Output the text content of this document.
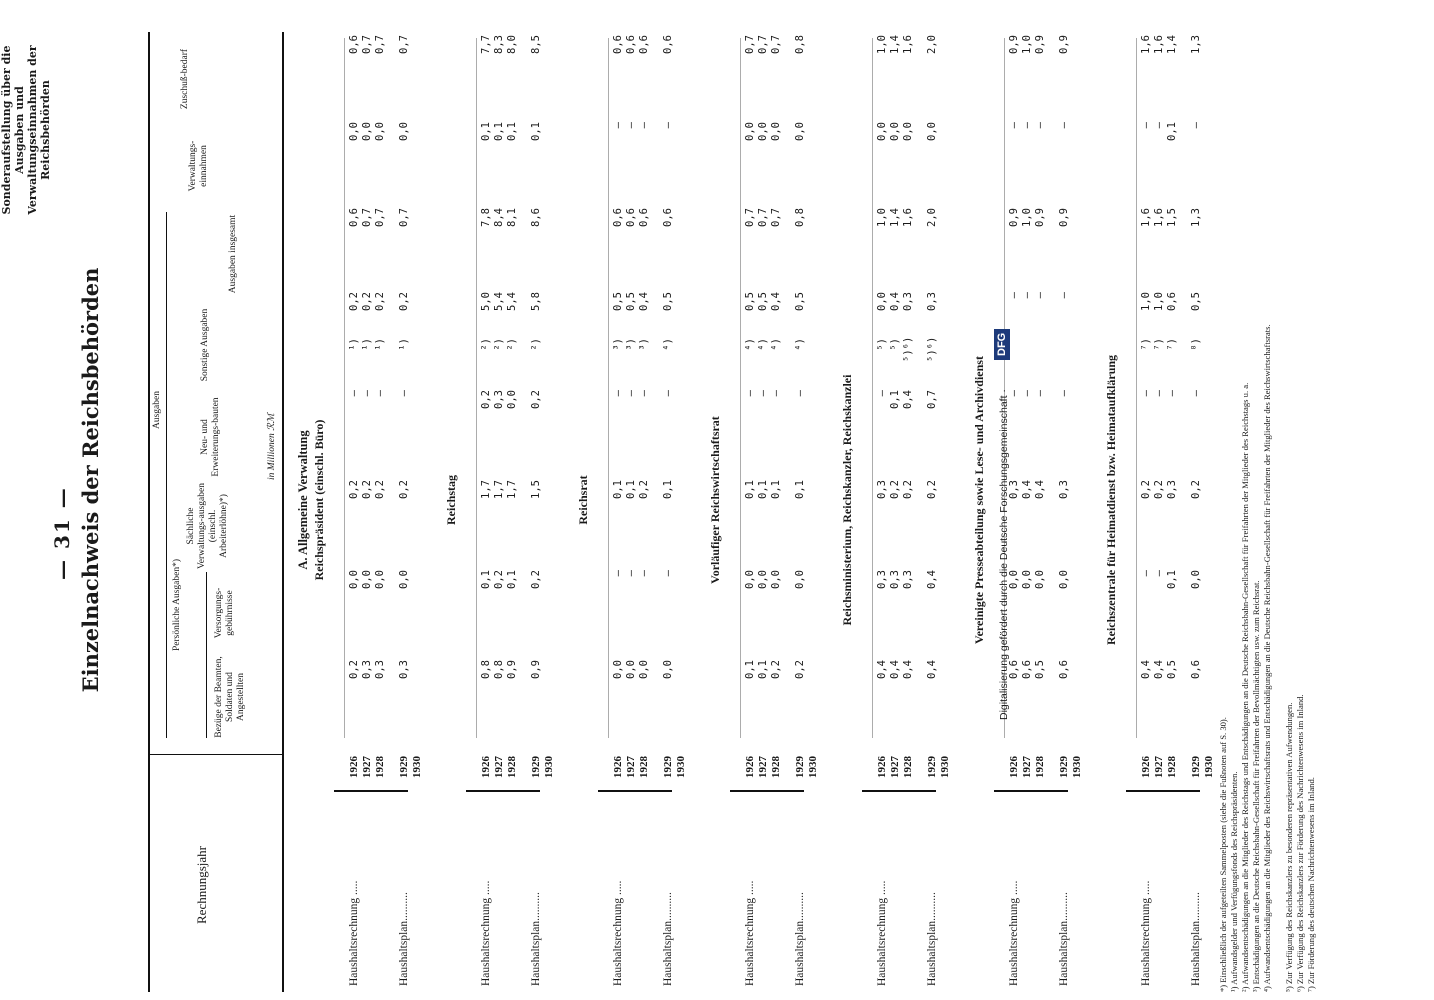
— 31 — Einzelnachweis der Reichsbehörden
Sonderaufstellung über die Ausgaben und Verwaltungseinnahmen der Reichsbehörden
Rechnungsjahr
Ausgaben
Persönliche Ausgaben*)
Bezüge der Beamten, Soldaten und Angestellten
Versorgungs-gebührnisse
Sächliche Verwaltungs-ausgaben (einschl. Arbeiterlöhne)*)
Neu- und Erweiterungs-bauten
Sonstige Ausgaben
Ausgaben insgesamt
Verwaltungs-einnahmen
Zuschuß-bedarf
in Millionen ℛℳ A. Allgemeine Verwaltung Reichspräsident (einschl. Büro)
Haushaltsrechnung .....
1926
0,2
0,0
0,2
—
¹)
0,2
0,6
0,0
0,6
1927
0,3
0,0
0,2
—
¹)
0,2
0,7
0,0
0,7
1928
0,3
0,0
0,2
—
¹)
0,2
0,7
0,0
0,7
Haushaltsplan..........
1929
0,3
0,0
0,2
—
¹)
0,2
0,7
0,0
0,7
1930
Reichstag
Haushaltsrechnung .....
1926
0,8
0,1
1,7
0,2
²)
5,0
7,8
0,1
7,7
1927
0,8
0,2
1,7
0,3
²)
5,4
8,4
0,1
8,3
1928
0,9
0,1
1,7
0,0
²)
5,4
8,1
0,1
8,0
Haushaltsplan..........
1929
0,9
0,2
1,5
0,2
²)
5,8
8,6
0,1
8,5
1930
Reichsrat
Haushaltsrechnung .....
1926
0,0
—
0,1
—
³)
0,5
0,6
—
0,6
1927
0,0
—
0,1
—
³)
0,5
0,6
—
0,6
1928
0,0
—
0,2
—
³)
0,4
0,6
—
0,6
Haushaltsplan..........
1929
0,0
—
0,1
—
⁴)
0,5
0,6
—
0,6
1930
Vorläufiger Reichswirtschaftsrat
Haushaltsrechnung .....
1926
0,1
0,0
0,1
—
⁴)
0,5
0,7
0,0
0,7
1927
0,1
0,0
0,1
—
⁴)
0,5
0,7
0,0
0,7
1928
0,2
0,0
0,1
—
⁴)
0,4
0,7
0,0
0,7
Haushaltsplan..........
1929
0,2
0,0
0,1
—
⁴)
0,5
0,8
0,0
0,8
1930
Reichsministerium, Reichskanzler, Reichskanzlei
Haushaltsrechnung .....
1926
0,4
0,3
0,3
—
⁵)
0,0
1,0
0,0
1,0
1927
0,4
0,3
0,2
0,1
⁵)
0,4
1,4
0,0
1,4
1928
0,4
0,3
0,2
0,4
⁵)⁶)
0,3
1,6
0,0
1,6
Haushaltsplan..........
1929
0,4
0,4
0,2
0,7
⁵)⁶)
0,3
2,0
0,0
2,0
1930
Vereinigte Presseabteilung sowie Lese- und Archivdienst
Haushaltsrechnung .....
1926
0,6
0,0
0,3
—
—
0,9
—
0,9
1927
0,6
0,0
0,4
—
—
1,0
—
1,0
1928
0,5
0,0
0,4
—
—
0,9
—
0,9
Haushaltsplan..........
1929
0,6
0,0
0,3
—
—
0,9
—
0,9
1930
Reichszentrale für Heimatdienst bzw. Heimataufklärung
Haushaltsrechnung .....
1926
0,4
—
0,2
—
⁷)
1,0
1,6
—
1,6
1927
0,4
—
0,2
—
⁷)
1,0
1,6
—
1,6
1928
0,5
0,1
0,3
—
⁷)
0,6
1,5
0,1
1,4
Haushaltsplan..........
1929
0,6
0,0
0,2
—
⁸)
0,5
1,3
—
1,3
1930 *) Einschließlich der aufgeteilten Sammelposten (siehe die Fußnoten auf S. 30). ¹) Aufwandsgelder und Verfügungsfonds des Reichspräsidenten. ²) Aufwandsentschädigungen an die Mitglieder des Reichstags und Entschädigungen an die Deutsche Reichsbahn-Gesellschaft für Freifahrten der Mitglieder des Reichstags u. a. ³) Entschädigungen an die Deutsche Reichsbahn-Gesellschaft für Freifahrten der Bevollmächtigten usw. zum Reichsrat. ⁴) Aufwandsentschädigungen an die Mitglieder des Reichswirtschaftsrats und Entschädigungen an die Deutsche Reichsbahn-Gesellschaft für Freifahrten der Mitglieder des Reichswirtschaftsrats. ⁵) Zur Verfügung des Reichskanzlers zu besonderen repräsentativen Aufwendungen. ⁶) Zur Verfügung des Reichskanzlers zur Förderung des Nachrichtenwesens im Inland. ⁷) Zur Förderung des deutschen Nachrichtenwesens im Inland.
Digitalisierung gefördert durch die Deutsche Forschungsgemeinschaft ·
DFG
